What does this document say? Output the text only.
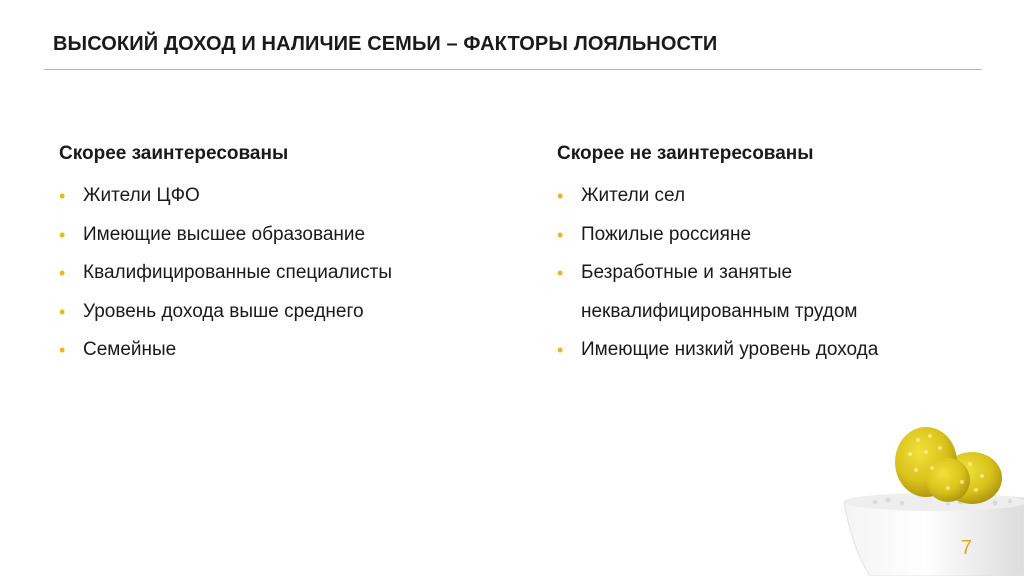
ВЫСОКИЙ ДОХОД И НАЛИЧИЕ СЕМЬИ – ФАКТОРЫ ЛОЯЛЬНОСТИ
Скорее заинтересованы
• Жители ЦФО
• Имеющие высшее образование
• Квалифицированные специалисты
• Уровень дохода выше среднего
• Семейные
Скорее не заинтересованы
• Жители сел
• Пожилые россияне
• Безработные и занятые неквалифицированным трудом
• Имеющие низкий уровень дохода
7
